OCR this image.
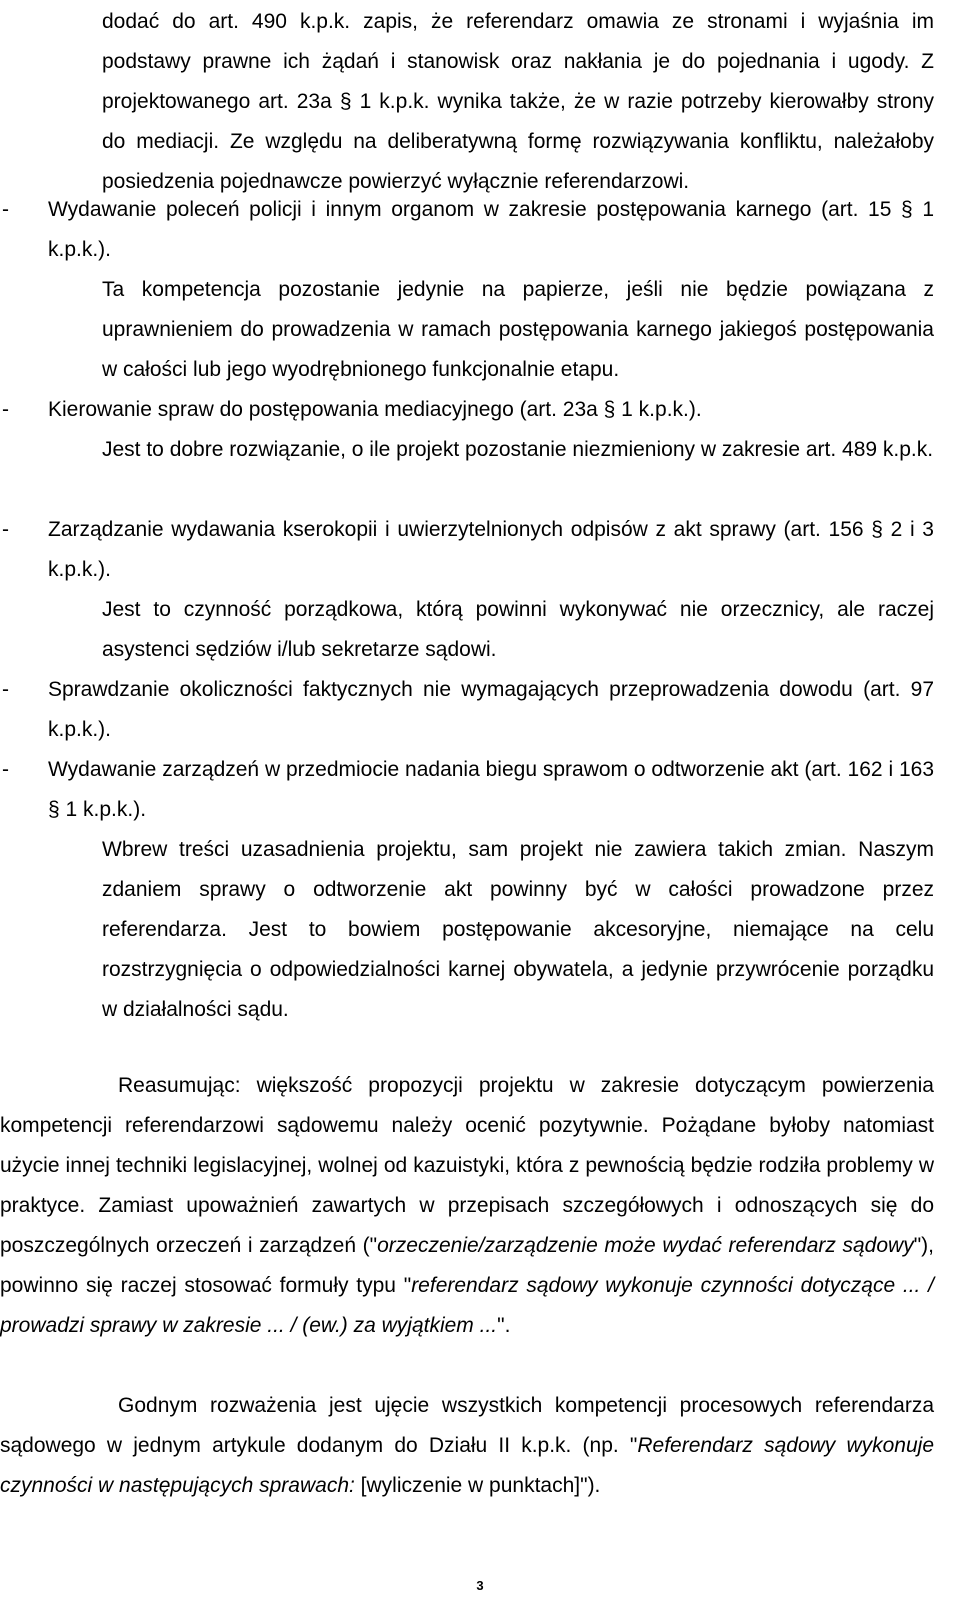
dodać do art. 490 k.p.k. zapis, że referendarz omawia ze stronami i wyjaśnia im podstawy prawne ich żądań i stanowisk oraz nakłania je do pojednania i ugody. Z projektowanego art. 23a § 1 k.p.k. wynika także, że w razie potrzeby kierowałby strony do mediacji. Ze względu na deliberatywną formę rozwiązywania konfliktu, należałoby posiedzenia pojednawcze powierzyć wyłącznie referendarzowi.
- Wydawanie poleceń policji i innym organom w zakresie postępowania karnego (art. 15 § 1 k.p.k.).
Ta kompetencja pozostanie jedynie na papierze, jeśli nie będzie powiązana z uprawnieniem do prowadzenia w ramach postępowania karnego jakiegoś postępowania w całości lub jego wyodrębnionego funkcjonalnie etapu.
- Kierowanie spraw do postępowania mediacyjnego (art. 23a § 1 k.p.k.).
Jest to dobre rozwiązanie, o ile projekt pozostanie niezmieniony w zakresie art. 489 k.p.k.
- Zarządzanie wydawania kserokopii i uwierzytelnionych odpisów z akt sprawy (art. 156 § 2 i 3 k.p.k.).
Jest to czynność porządkowa, którą powinni wykonywać nie orzecznicy, ale raczej asystenci sędziów i/lub sekretarze sądowi.
- Sprawdzanie okoliczności faktycznych nie wymagających przeprowadzenia dowodu (art. 97 k.p.k.).
- Wydawanie zarządzeń w przedmiocie nadania biegu sprawom o odtworzenie akt (art. 162 i 163 § 1 k.p.k.).
Wbrew treści uzasadnienia projektu, sam projekt nie zawiera takich zmian. Naszym zdaniem sprawy o odtworzenie akt powinny być w całości prowadzone przez referendarza. Jest to bowiem postępowanie akcesoryjne, niemające na celu rozstrzygnięcia o odpowiedzialności karnej obywatela, a jedynie przywrócenie porządku w działalności sądu.
Reasumując: większość propozycji projektu w zakresie dotyczącym powierzenia kompetencji referendarzowi sądowemu należy ocenić pozytywnie. Pożądane byłoby natomiast użycie innej techniki legislacyjnej, wolnej od kazuistyki, która z pewnością będzie rodziła problemy w praktyce. Zamiast upoważnień zawartych w przepisach szczegółowych i odnoszących się do poszczególnych orzeczeń i zarządzeń ("orzeczenie/zarządzenie może wydać referendarz sądowy"), powinno się raczej stosować formuły typu "referendarz sądowy wykonuje czynności dotyczące ... / prowadzi sprawy w zakresie ... / (ew.) za wyjątkiem ...".
Godnym rozważenia jest ujęcie wszystkich kompetencji procesowych referendarza sądowego w jednym artykule dodanym do Działu II k.p.k. (np. "Referendarz sądowy wykonuje czynności w następujących sprawach: [wyliczenie w punktach]").
3
